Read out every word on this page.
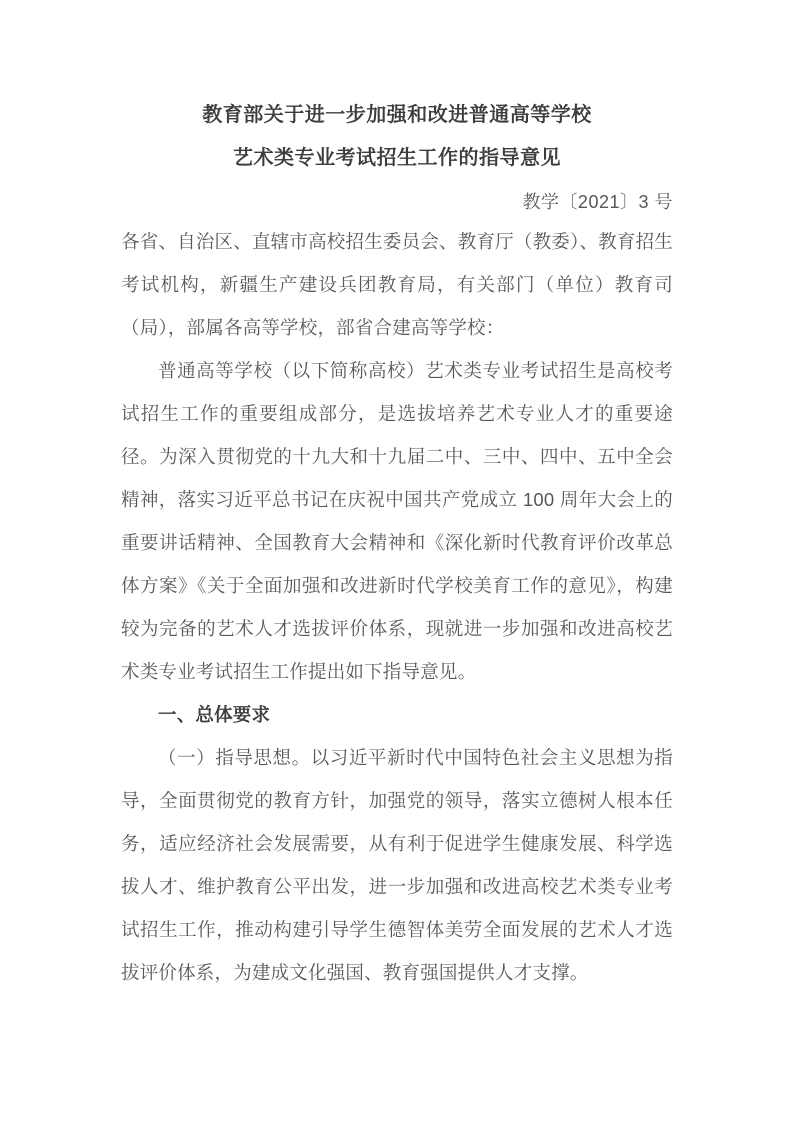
教育部关于进一步加强和改进普通高等学校
艺术类专业考试招生工作的指导意见
教学〔2021〕3 号

各省、自治区、直辖市高校招生委员会、教育厅（教委）、教育招生考试机构，新疆生产建设兵团教育局，有关部门（单位）教育司（局），部属各高等学校，部省合建高等学校：

普通高等学校（以下简称高校）艺术类专业考试招生是高校考试招生工作的重要组成部分，是选拔培养艺术专业人才的重要途径。为深入贯彻党的十九大和十九届二中、三中、四中、五中全会精神，落实习近平总书记在庆祝中国共产党成立 100 周年大会上的重要讲话精神、全国教育大会精神和《深化新时代教育评价改革总体方案》《关于全面加强和改进新时代学校美育工作的意见》，构建较为完备的艺术人才选拔评价体系，现就进一步加强和改进高校艺术类专业考试招生工作提出如下指导意见。

一、总体要求

（一）指导思想。以习近平新时代中国特色社会主义思想为指导，全面贯彻党的教育方针，加强党的领导，落实立德树人根本任务，适应经济社会发展需要，从有利于促进学生健康发展、科学选拔人才、维护教育公平出发，进一步加强和改进高校艺术类专业考试招生工作，推动构建引导学生德智体美劳全面发展的艺术人才选拔评价体系，为建成文化强国、教育强国提供人才支撑。
